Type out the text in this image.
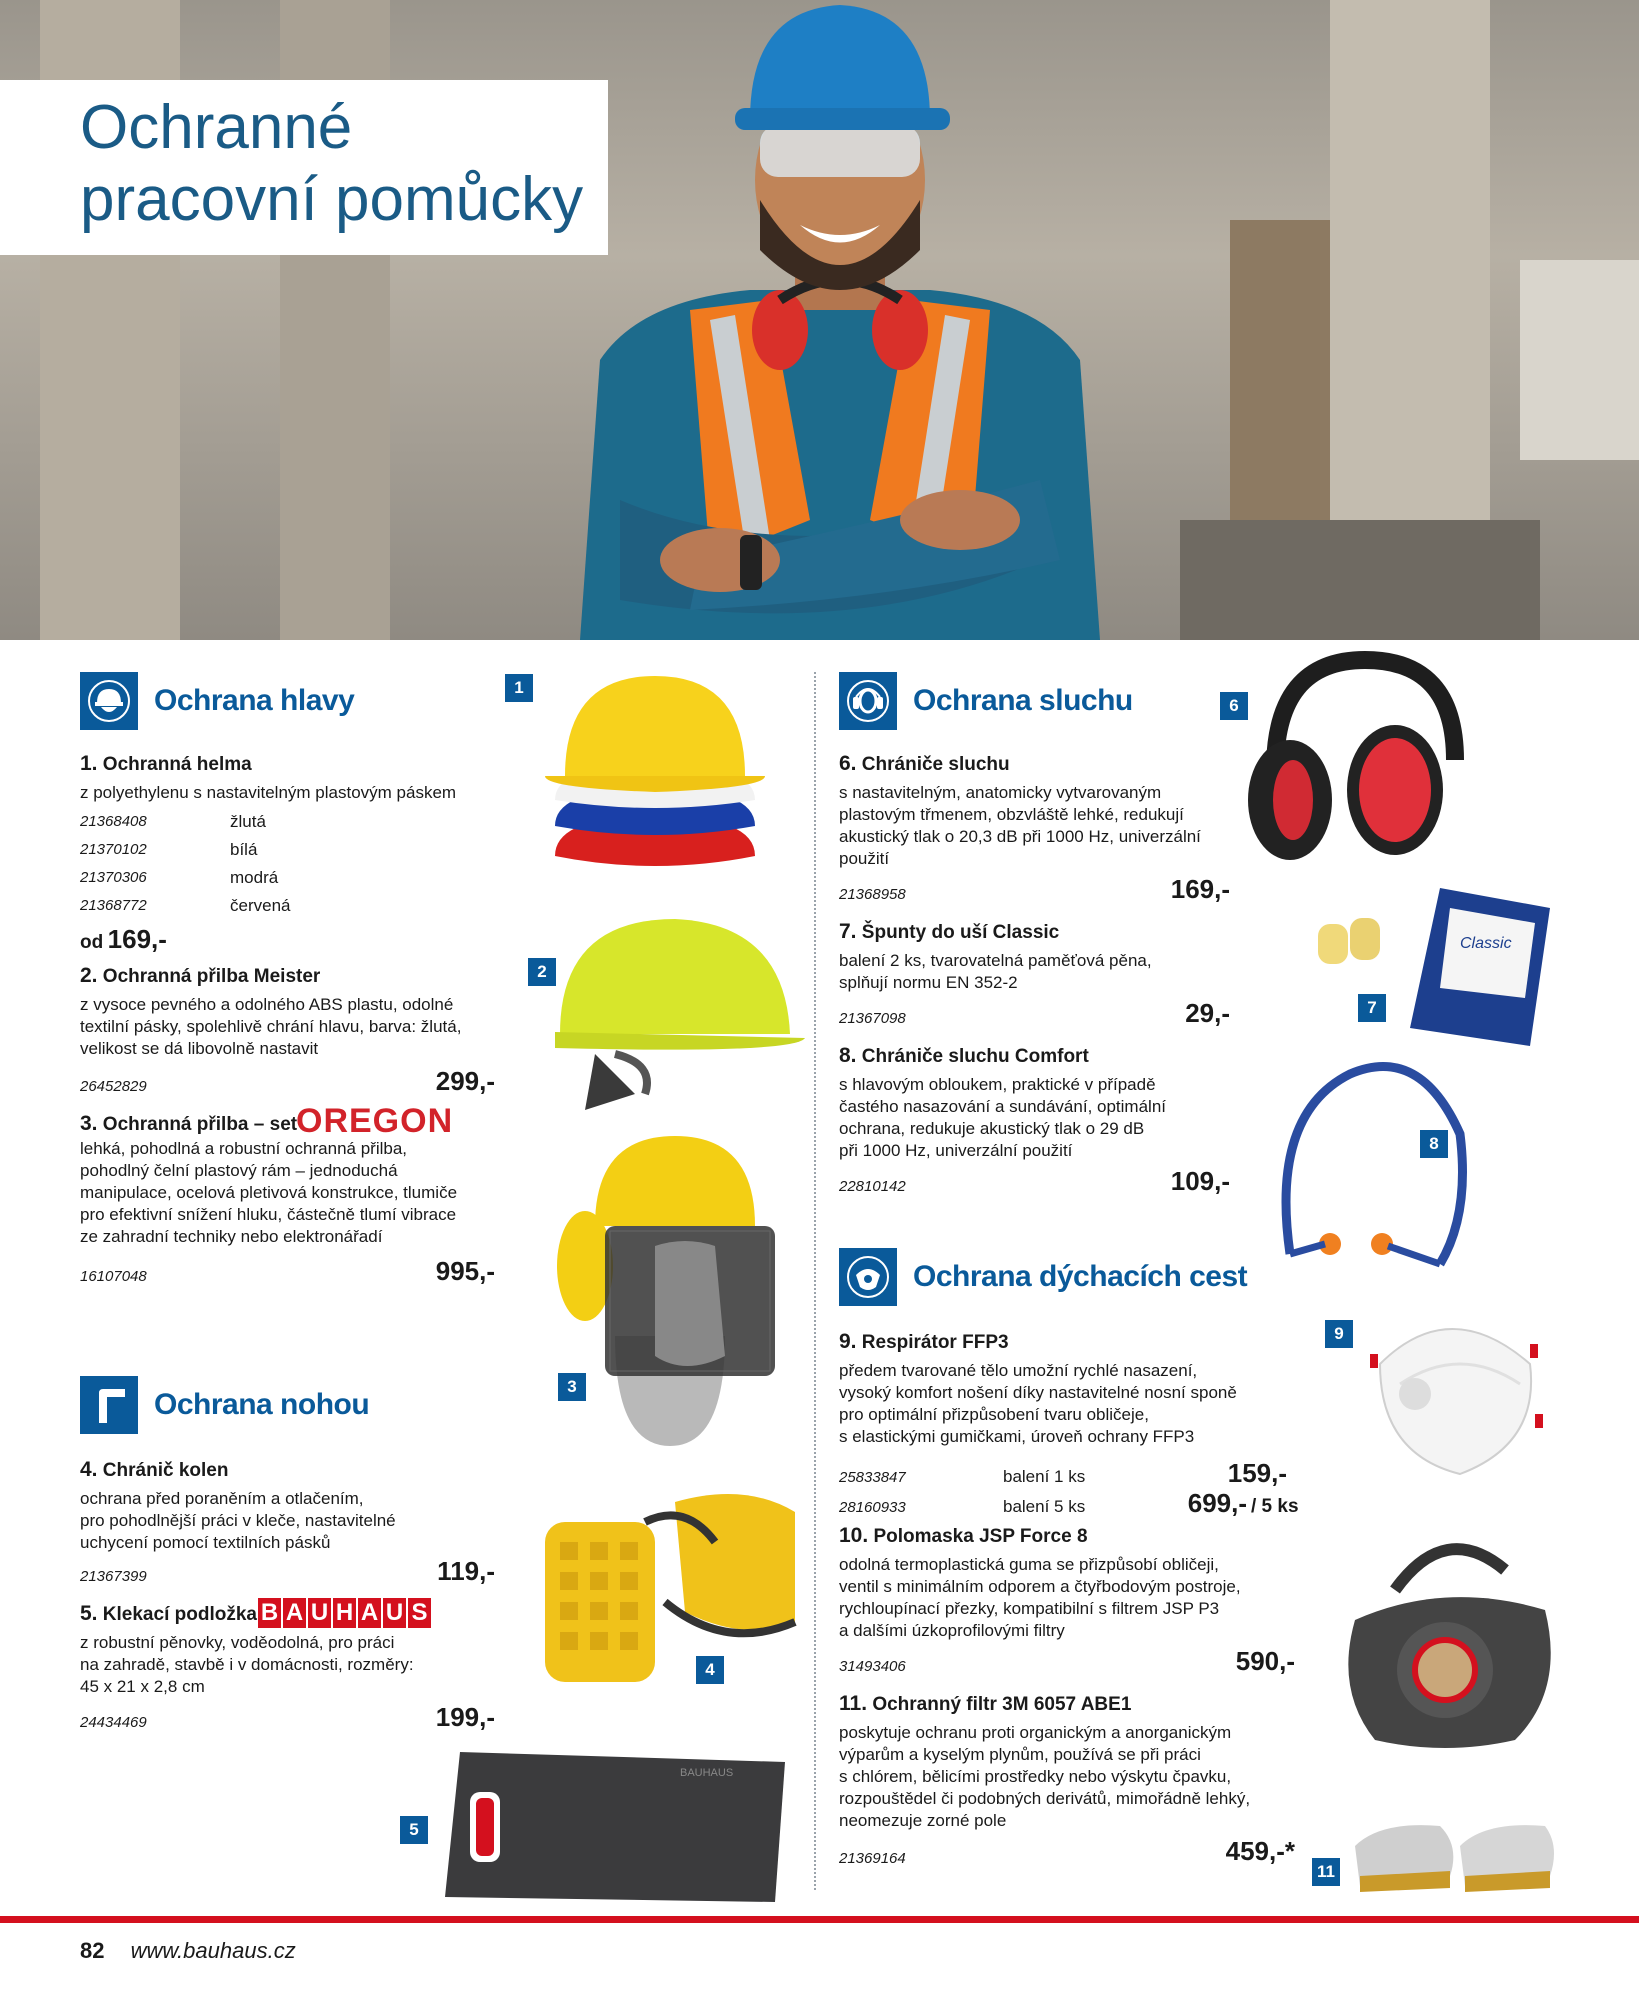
Ochranné
pracovní pomůcky
Ochrana hlavy
1. Ochranná helma
z polyethylenu s nastavitelným plastovým páskem
21368408	žlutá
21370102	bílá
21370306	modrá
21368772	červená
od 169,-
2. Ochranná přilba Meister
z vysoce pevného a odolného ABS plastu, odolné
textilní pásky, spolehlivě chrání hlavu, barva: žlutá,
velikost se dá libovolně nastavit
26452829	299,-
3. Ochranná přilba – set
lehká, pohodlná a robustní ochranná přilba,
pohodlný čelní plastový rám – jednoduchá
manipulace, ocelová pletivová konstrukce, tlumiče
pro efektivní snížení hluku, částečně tlumí vibrace
ze zahradní techniky nebo elektronářadí
OREGON
16107048	995,-
Ochrana nohou
4. Chránič kolen
ochrana před poraněním a otlačením,
pro pohodlnější práci v kleče, nastavitelné
uchycení pomocí textilních pásků
21367399	119,-
5. Klekací podložka
z robustní pěnovky, voděodolná, pro práci
na zahradě, stavbě i v domácnosti, rozměry:
45 x 21 x 2,8 cm
B A U H A U S
24434469	199,-
1
2
3
4
5
BAUHAUS
Ochrana sluchu
6. Chrániče sluchu
s nastavitelným, anatomicky vytvarovaným
plastovým třmenem, obzvláště lehké, redukují
akustický tlak o 20,3 dB při 1000 Hz, univerzální
použití
21368958	169,-
7. Špunty do uší Classic
balení 2 ks, tvarovatelná paměťová pěna,
splňují normu EN 352-2
21367098	29,-
8. Chrániče sluchu Comfort
s hlavovým obloukem, praktické v případě
častého nasazování a sundávání, optimální
ochrana, redukuje akustický tlak o 29 dB
při 1000 Hz, univerzální použití
22810142	109,-
Ochrana dýchacích cest
9. Respirátor FFP3
předem tvarované tělo umožní rychlé nasazení,
vysoký komfort nošení díky nastavitelné nosní sponě
pro optimální přizpůsobení tvaru obličeje,
s elastickými gumičkami, úroveň ochrany FFP3
25833847	balení 1 ks	159,-
28160933	balení 5 ks	699,- / 5 ks
10. Polomaska JSP Force 8
odolná termoplastická guma se přizpůsobí obličeji,
ventil s minimálním odporem a čtyřbodovým postroje,
rychloupínací přezky, kompatibilní s filtrem JSP P3
a dalšími úzkoprofilovými filtry
31493406	590,-
11. Ochranný filtr 3M 6057 ABE1
poskytuje ochranu proti organickým a anorganickým
výparům a kyselým plynům, používá se při práci
s chlórem, bělicími prostředky nebo výskytu čpavku,
rozpouštědel či podobných derivátů, mimořádně lehký,
neomezuje zorné pole
21369164	459,-*
6
7
Classic
8
9
11
82 www.bauhaus.cz
